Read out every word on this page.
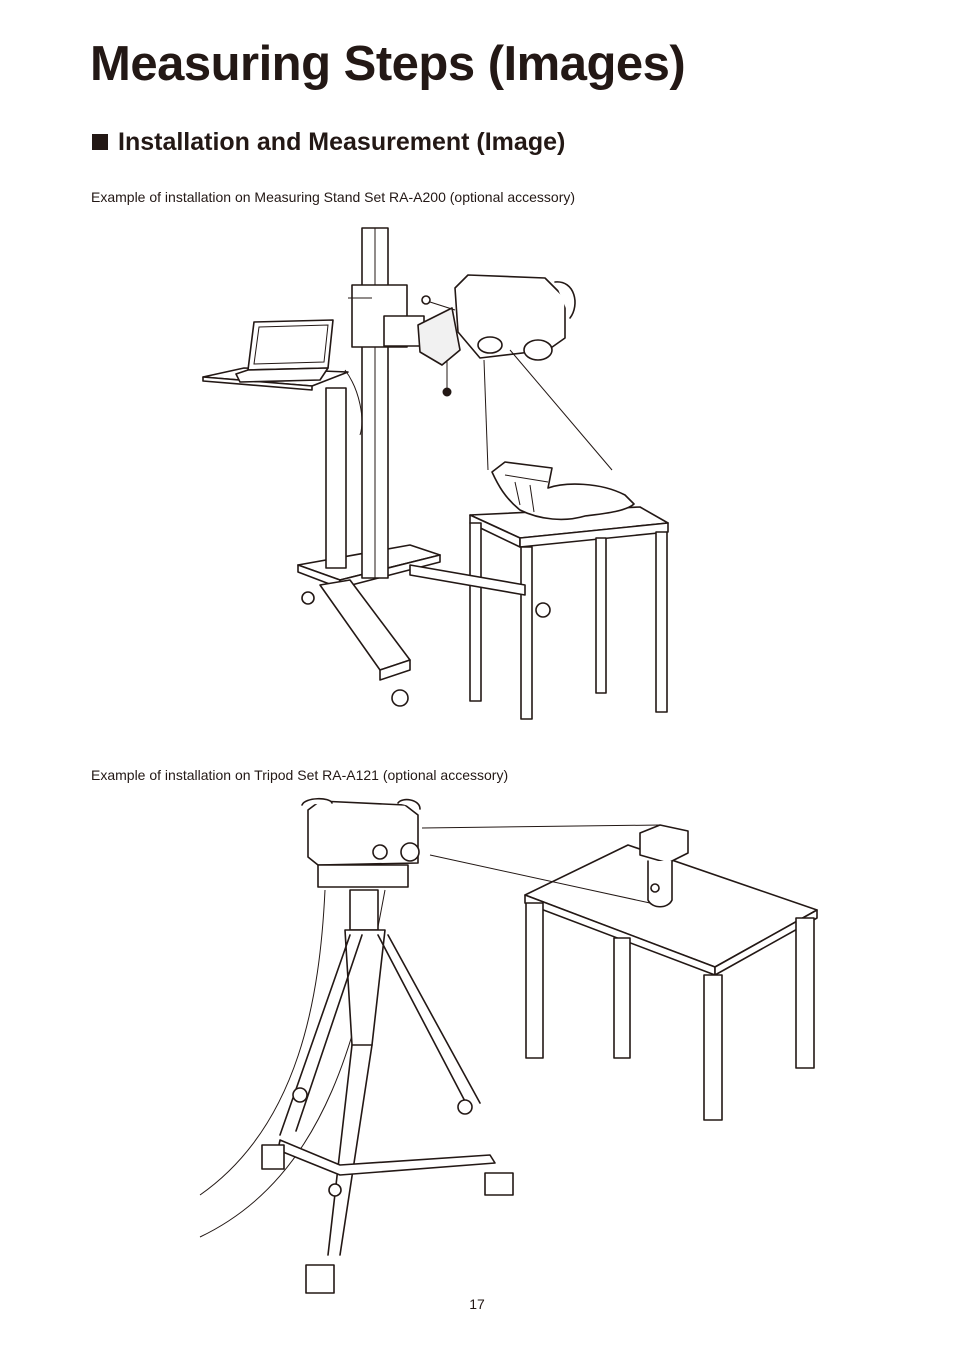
Measuring Steps (Images)
Installation and Measurement (Image)

Example of installation on Measuring Stand Set RA-A200 (optional accessory)

Example of installation on Tripod Set RA-A121 (optional accessory)

17
